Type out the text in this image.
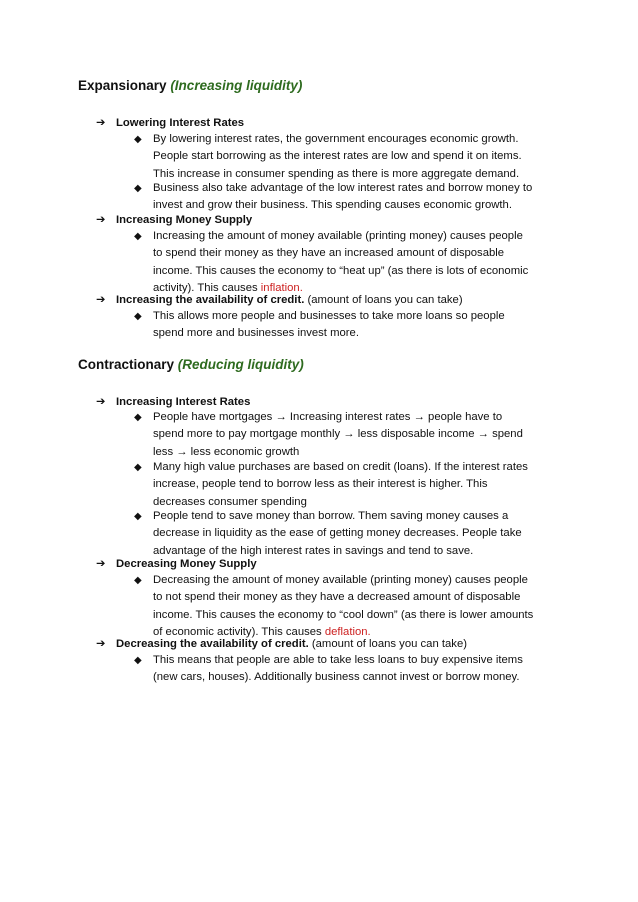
Expansionary (Increasing liquidity)
➔ Lowering Interest Rates
◆ By lowering interest rates, the government encourages economic growth.
People start borrowing as the interest rates are low and spend it on items.
This increase in consumer spending as there is more aggregate demand.
◆ Business also take advantage of the low interest rates and borrow money to
invest and grow their business. This spending causes economic growth.
➔ Increasing Money Supply
◆ Increasing the amount of money available (printing money) causes people
to spend their money as they have an increased amount of disposable
income. This causes the economy to “heat up” (as there is lots of economic
activity). This causes inflation.
➔ Increasing the availability of credit. (amount of loans you can take)
◆ This allows more people and businesses to take more loans so people
spend more and businesses invest more.
Contractionary (Reducing liquidity)
➔ Increasing Interest Rates
◆ People have mortgages → Increasing interest rates → people have to
spend more to pay mortgage monthly → less disposable income → spend
less → less economic growth
◆ Many high value purchases are based on credit (loans). If the interest rates
increase, people tend to borrow less as their interest is higher. This
decreases consumer spending
◆ People tend to save money than borrow. Them saving money causes a
decrease in liquidity as the ease of getting money decreases. People take
advantage of the high interest rates in savings and tend to save.
➔ Decreasing Money Supply
◆ Decreasing the amount of money available (printing money) causes people
to not spend their money as they have a decreased amount of disposable
income. This causes the economy to “cool down” (as there is lower amounts
of economic activity). This causes deflation.
➔ Decreasing the availability of credit. (amount of loans you can take)
◆ This means that people are able to take less loans to buy expensive items
(new cars, houses). Additionally business cannot invest or borrow money.
